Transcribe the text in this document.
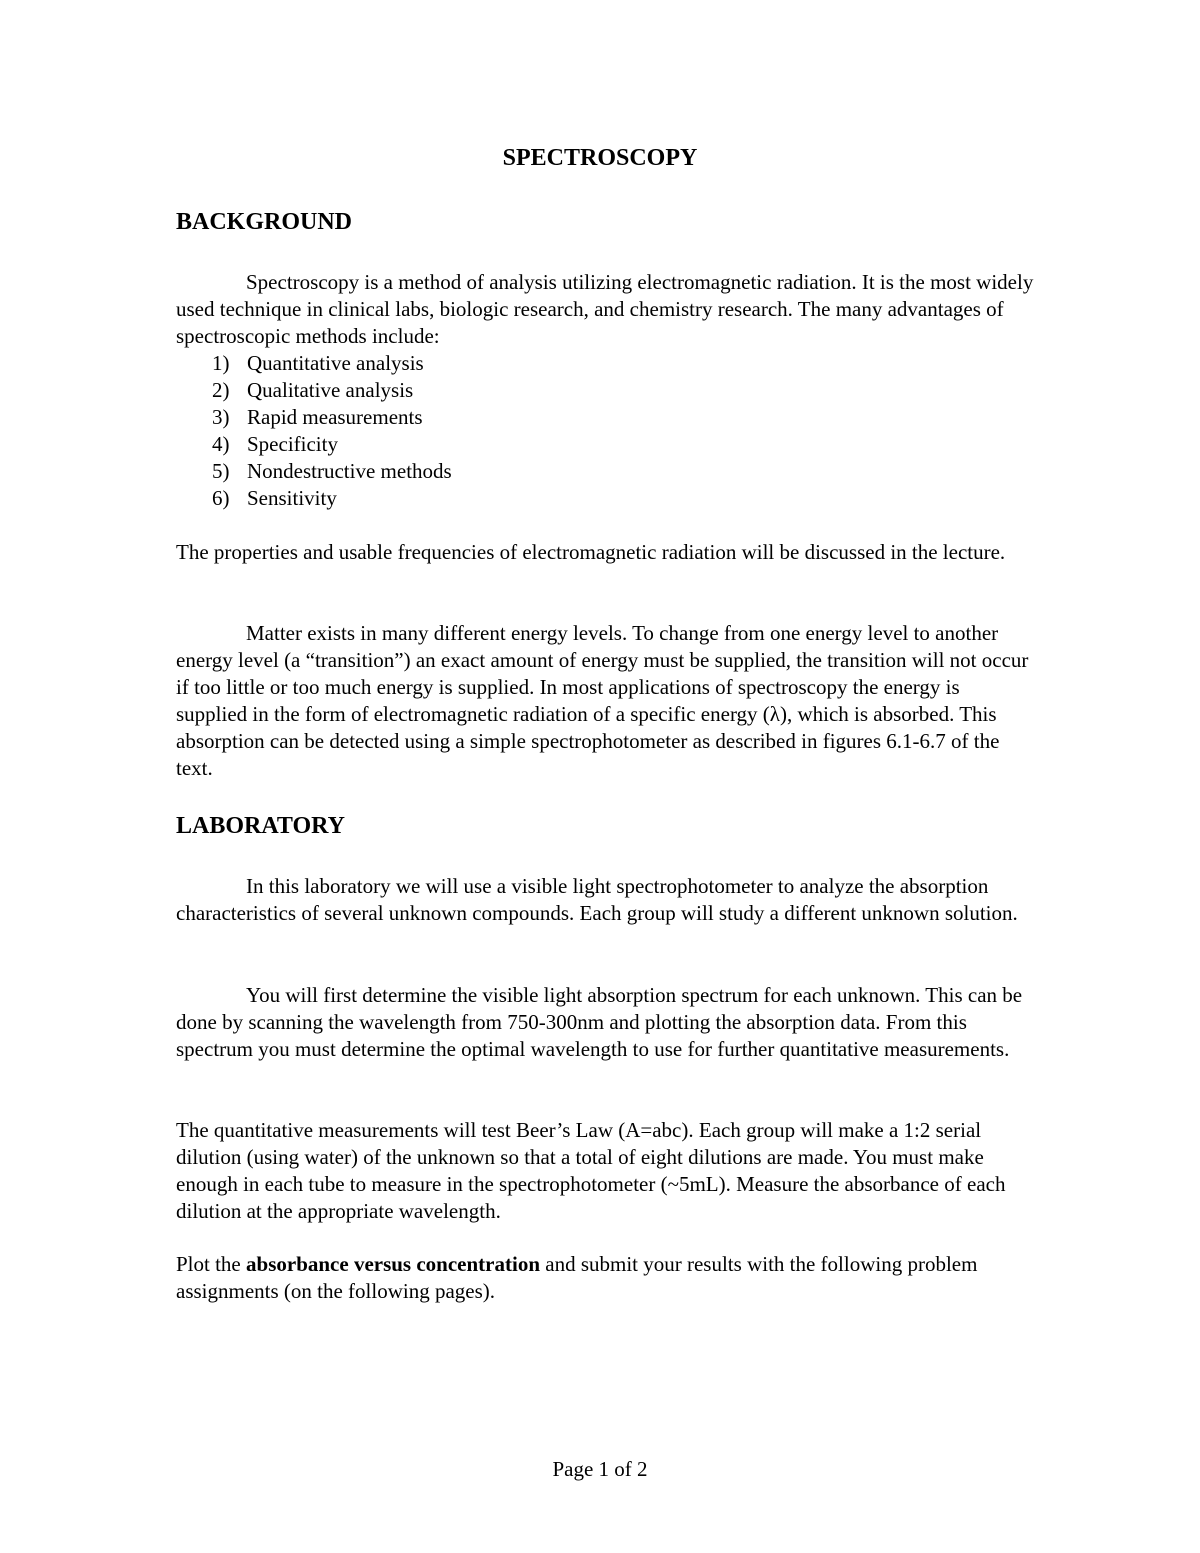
SPECTROSCOPY
BACKGROUND

Spectroscopy is a method of analysis utilizing electromagnetic radiation. It is the most widely used technique in clinical labs, biologic research, and chemistry research. The many advantages of spectroscopic methods include:

1) Quantitative analysis
2) Qualitative analysis
3) Rapid measurements
4) Specificity
5) Nondestructive methods
6) Sensitivity

The properties and usable frequencies of electromagnetic radiation will be discussed in the lecture.

Matter exists in many different energy levels. To change from one energy level to another energy level (a “transition”) an exact amount of energy must be supplied, the transition will not occur if too little or too much energy is supplied. In most applications of spectroscopy the energy is supplied in the form of electromagnetic radiation of a specific energy (λ), which is absorbed. This absorption can be detected using a simple spectrophotometer as described in figures 6.1-6.7 of the text.

LABORATORY

In this laboratory we will use a visible light spectrophotometer to analyze the absorption characteristics of several unknown compounds. Each group will study a different unknown solution.

You will first determine the visible light absorption spectrum for each unknown. This can be done by scanning the wavelength from 750-300nm and plotting the absorption data. From this spectrum you must determine the optimal wavelength to use for further quantitative measurements.

The quantitative measurements will test Beer’s Law (A=abc). Each group will make a 1:2 serial dilution (using water) of the unknown so that a total of eight dilutions are made. You must make enough in each tube to measure in the spectrophotometer (~5mL). Measure the absorbance of each dilution at the appropriate wavelength.

Plot the absorbance versus concentration and submit your results with the following problem assignments (on the following pages).

Page 1 of 2
